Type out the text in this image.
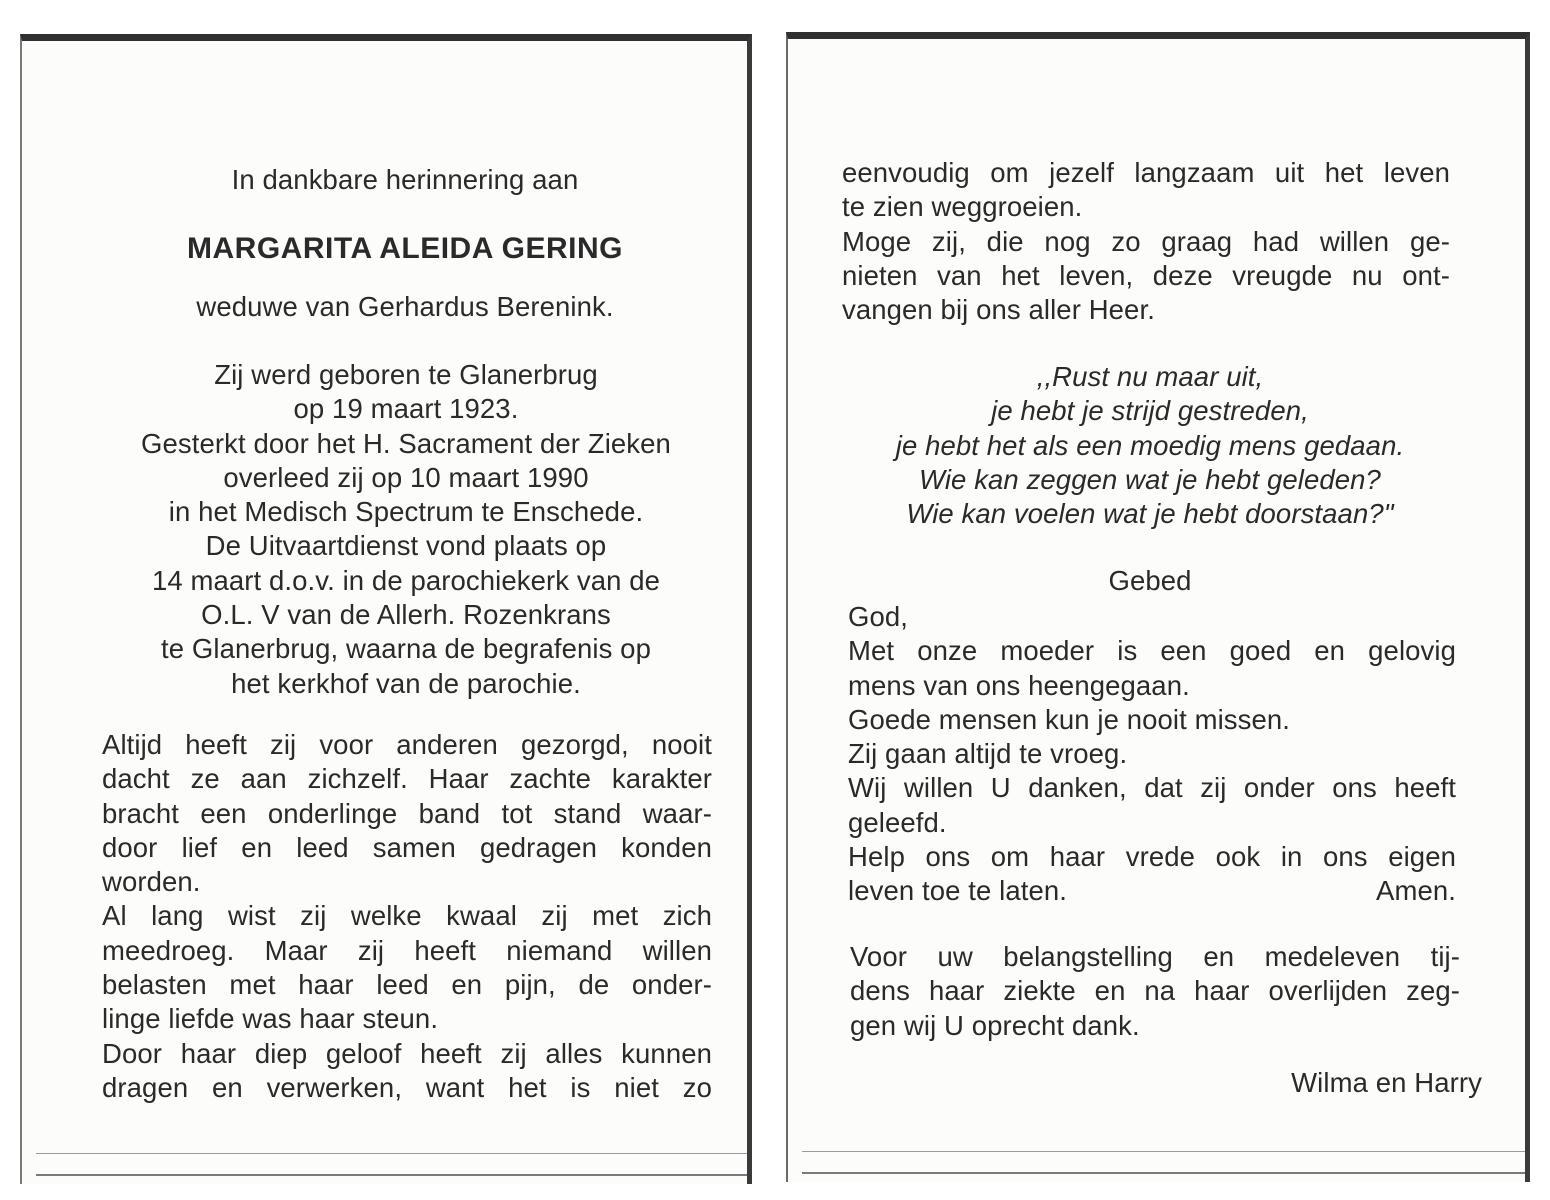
In dankbare herinnering aan
MARGARITA ALEIDA GERING
weduwe van Gerhardus Berenink.
Zij werd geboren te Glanerbrug
op 19 maart 1923.
Gesterkt door het H. Sacrament der Zieken
overleed zij op 10 maart 1990
in het Medisch Spectrum te Enschede.
De Uitvaartdienst vond plaats op
14 maart d.o.v. in de parochiekerk van de
O.L. V van de Allerh. Rozenkrans
te Glanerbrug, waarna de begrafenis op
het kerkhof van de parochie.
Altijd heeft zij voor anderen gezorgd, nooit
dacht ze aan zichzelf. Haar zachte karakter
bracht een onderlinge band tot stand waar-
door lief en leed samen gedragen konden
worden.
Al lang wist zij welke kwaal zij met zich
meedroeg. Maar zij heeft niemand willen
belasten met haar leed en pijn, de onder-
linge liefde was haar steun.
Door haar diep geloof heeft zij alles kunnen
dragen en verwerken, want het is niet zo
eenvoudig om jezelf langzaam uit het leven
te zien weggroeien.
Moge zij, die nog zo graag had willen ge-
nieten van het leven, deze vreugde nu ont-
vangen bij ons aller Heer.
,,Rust nu maar uit,
je hebt je strijd gestreden,
je hebt het als een moedig mens gedaan.
Wie kan zeggen wat je hebt geleden?
Wie kan voelen wat je hebt doorstaan?"
Gebed
God,
Met onze moeder is een goed en gelovig
mens van ons heengegaan.
Goede mensen kun je nooit missen.
Zij gaan altijd te vroeg.
Wij willen U danken, dat zij onder ons heeft
geleefd.
Help ons om haar vrede ook in ons eigen
leven toe te laten.	Amen.
Voor uw belangstelling en medeleven tij-
dens haar ziekte en na haar overlijden zeg-
gen wij U oprecht dank.
Wilma en Harry
